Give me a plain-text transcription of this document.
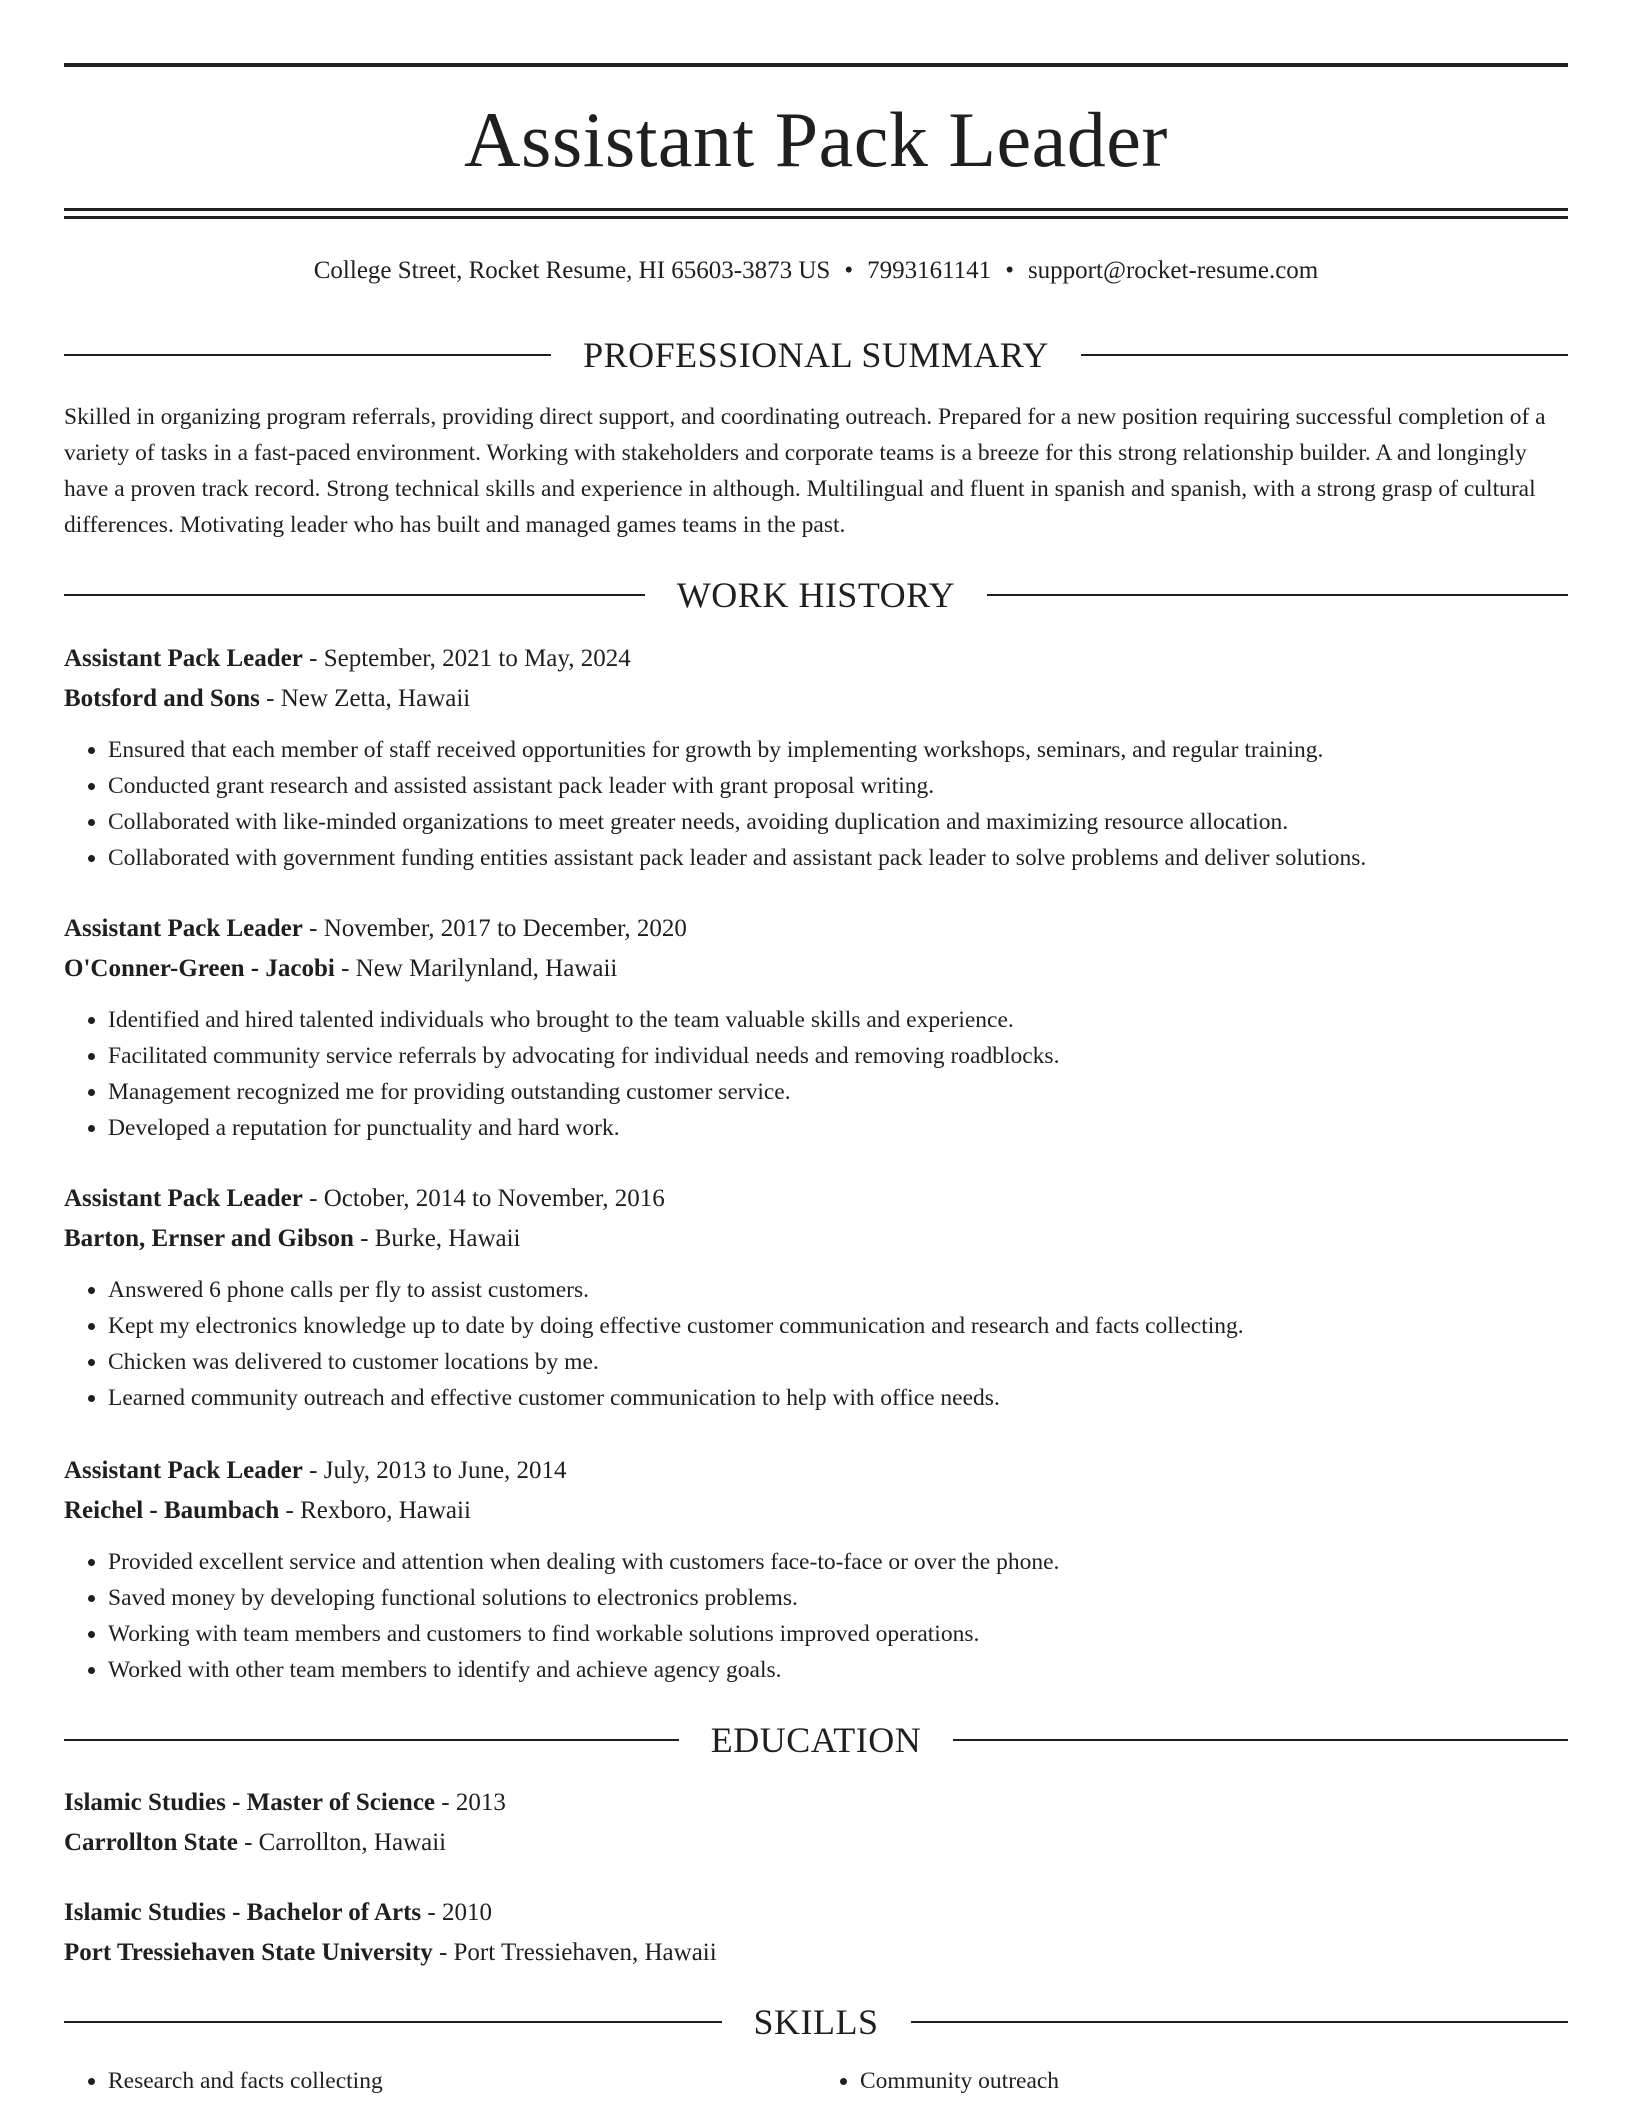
Assistant Pack Leader
College Street, Rocket Resume, HI 65603-3873 US • 7993161141 • support@rocket-resume.com
PROFESSIONAL SUMMARY

Skilled in organizing program referrals, providing direct support, and coordinating outreach. Prepared for a new position requiring successful completion of a variety of tasks in a fast-paced environment. Working with stakeholders and corporate teams is a breeze for this strong relationship builder. A and longingly have a proven track record. Strong technical skills and experience in although. Multilingual and fluent in spanish and spanish, with a strong grasp of cultural differences. Motivating leader who has built and managed games teams in the past.

WORK HISTORY
Assistant Pack Leader - September, 2021 to May, 2024
Botsford and Sons - New Zetta, Hawaii
• Ensured that each member of staff received opportunities for growth by implementing workshops, seminars, and regular training.
• Conducted grant research and assisted assistant pack leader with grant proposal writing.
• Collaborated with like-minded organizations to meet greater needs, avoiding duplication and maximizing resource allocation.
• Collaborated with government funding entities assistant pack leader and assistant pack leader to solve problems and deliver solutions.
Assistant Pack Leader - November, 2017 to December, 2020
O'Conner-Green - Jacobi - New Marilynland, Hawaii
• Identified and hired talented individuals who brought to the team valuable skills and experience.
• Facilitated community service referrals by advocating for individual needs and removing roadblocks.
• Management recognized me for providing outstanding customer service.
• Developed a reputation for punctuality and hard work.
Assistant Pack Leader - October, 2014 to November, 2016
Barton, Ernser and Gibson - Burke, Hawaii
• Answered 6 phone calls per fly to assist customers.
• Kept my electronics knowledge up to date by doing effective customer communication and research and facts collecting.
• Chicken was delivered to customer locations by me.
• Learned community outreach and effective customer communication to help with office needs.
Assistant Pack Leader - July, 2013 to June, 2014
Reichel - Baumbach - Rexboro, Hawaii
• Provided excellent service and attention when dealing with customers face-to-face or over the phone.
• Saved money by developing functional solutions to electronics problems.
• Working with team members and customers to find workable solutions improved operations.
• Worked with other team members to identify and achieve agency goals.
EDUCATION
Islamic Studies - Master of Science - 2013
Carrollton State - Carrollton, Hawaii
Islamic Studies - Bachelor of Arts - 2010
Port Tressiehaven State University - Port Tressiehaven, Hawaii
SKILLS
• Research and facts collecting
•	Community outreach
